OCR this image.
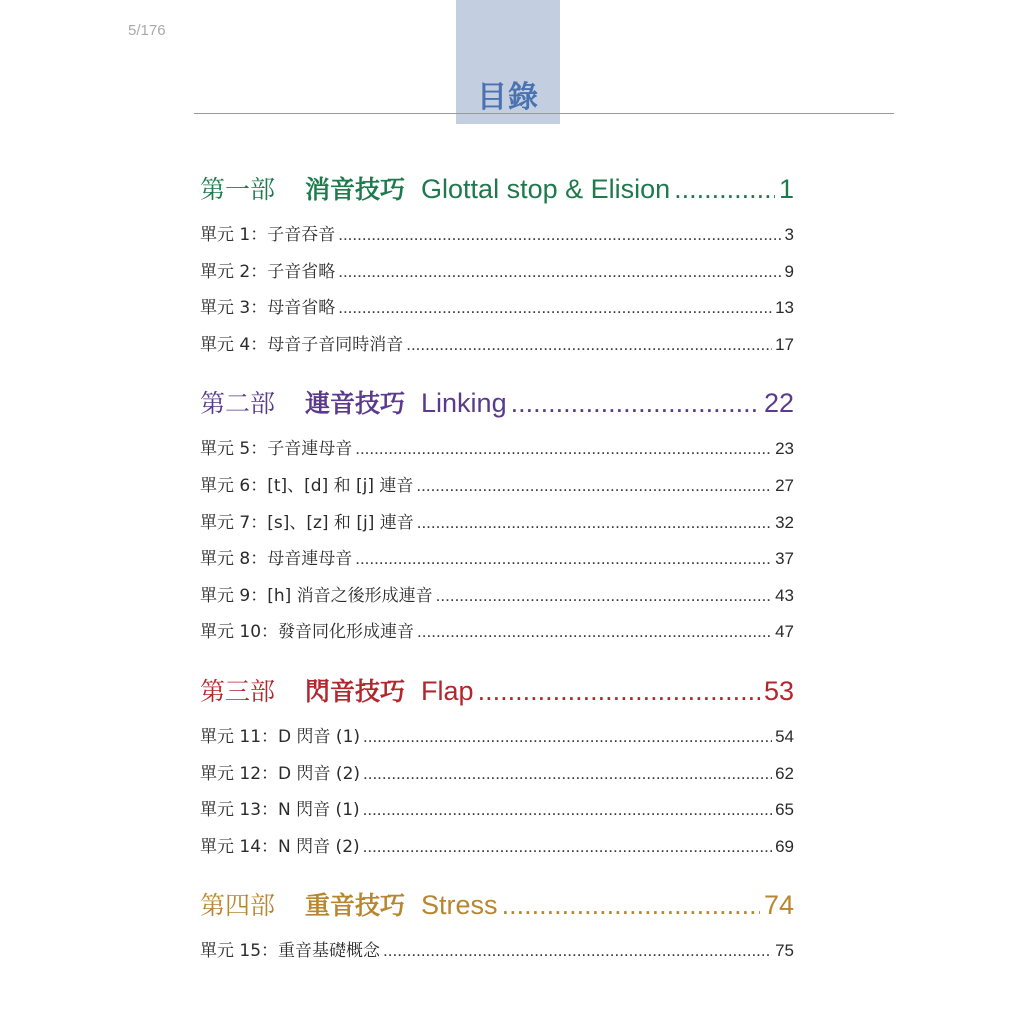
5/176
目錄
第一部 消音技巧 Glottal stop & Elision .....	1
單元 1：子音吞音 .....	3
單元 2：子音省略 .....	9
單元 3：母音省略 .....	13
單元 4：母音子音同時消音 .....	17
第二部 連音技巧 Linking .....	22
單元 5：子音連母音 .....	23
單元 6：[t]、[d] 和 [j] 連音 .....	27
單元 7：[s]、[z] 和 [j] 連音 .....	32
單元 8：母音連母音 .....	37
單元 9：[h] 消音之後形成連音 .....	43
單元 10：發音同化形成連音 .....	47
第三部 閃音技巧 Flap .....	53
單元 11：D 閃音 (1) .....	54
單元 12：D 閃音 (2) .....	62
單元 13：N 閃音 (1) .....	65
單元 14：N 閃音 (2) .....	69
第四部 重音技巧 Stress .....	74
單元 15：重音基礎概念 .....	75
